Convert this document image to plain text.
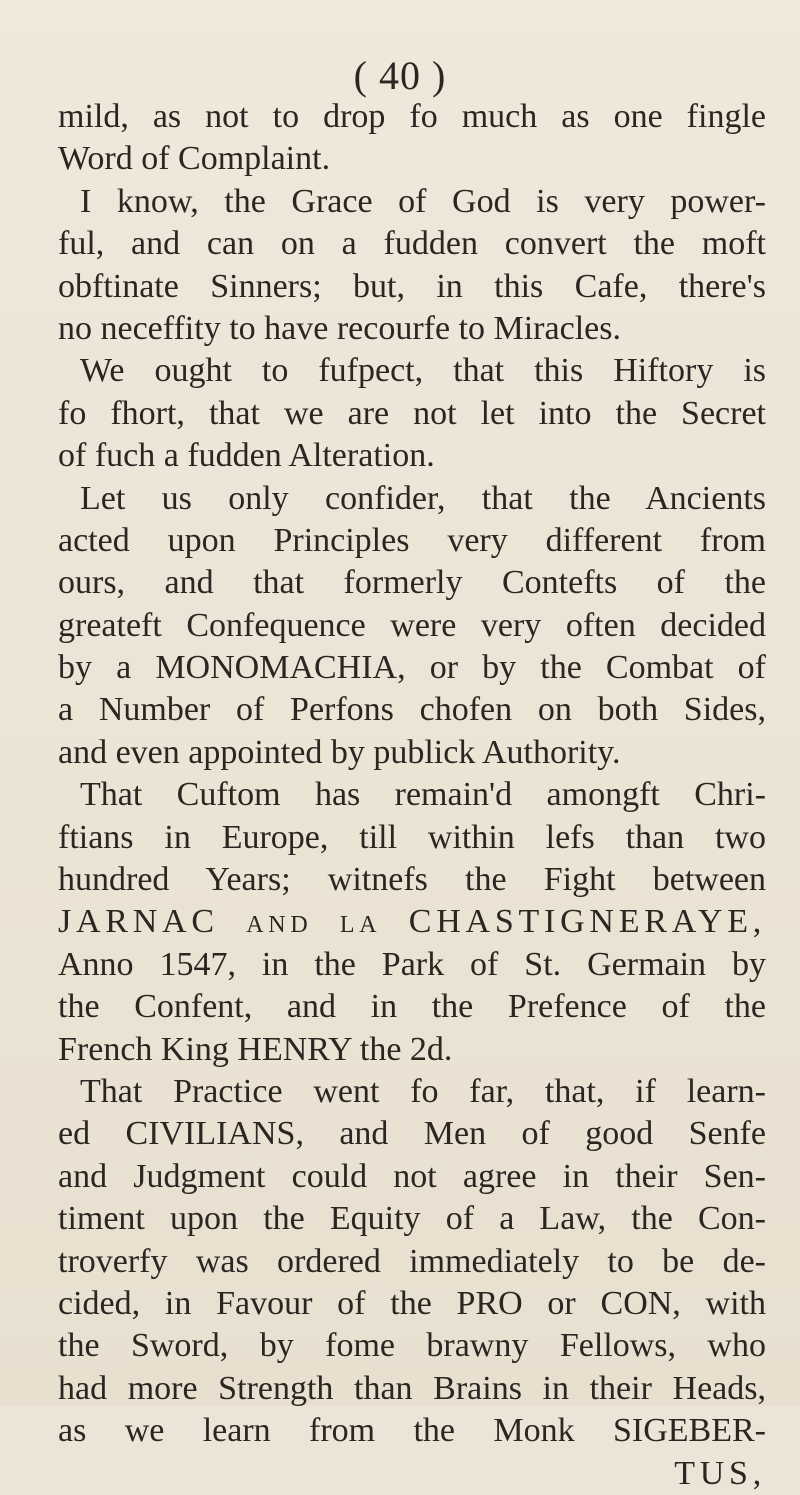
( 40 )
mild, as not to drop fo much as one fingle
Word of Complaint.
I know, the Grace of God is very power-
ful, and can on a fudden convert the moft
obftinate Sinners; but, in this Cafe, there's
no neceffity to have recourfe to Miracles.
We ought to fufpect, that this Hiftory is
fo fhort, that we are not let into the Secret
of fuch a fudden Alteration.
Let us only confider, that the Ancients
acted upon Principles very different from
ours, and that formerly Contefts of the
greateft Confequence were very often decided
by a MONOMACHIA, or by the Combat of
a Number of Perfons chofen on both Sides,
and even appointed by publick Authority.
That Cuftom has remain'd amongft Chri-
ftians in Europe, till within lefs than two
hundred Years; witnefs the Fight between
JARNAC and la CHASTIGNERAYE,
Anno 1547, in the Park of St. Germain by
the Confent, and in the Prefence of the
French King HENRY the 2d.
That Practice went fo far, that, if learn-
ed CIVILIANS, and Men of good Senfe
and Judgment could not agree in their Sen-
timent upon the Equity of a Law, the Con-
troverfy was ordered immediately to be de-
cided, in Favour of the PRO or CON, with
the Sword, by fome brawny Fellows, who
had more Strength than Brains in their Heads,
as we learn from the Monk SIGEBER-
TUS,
